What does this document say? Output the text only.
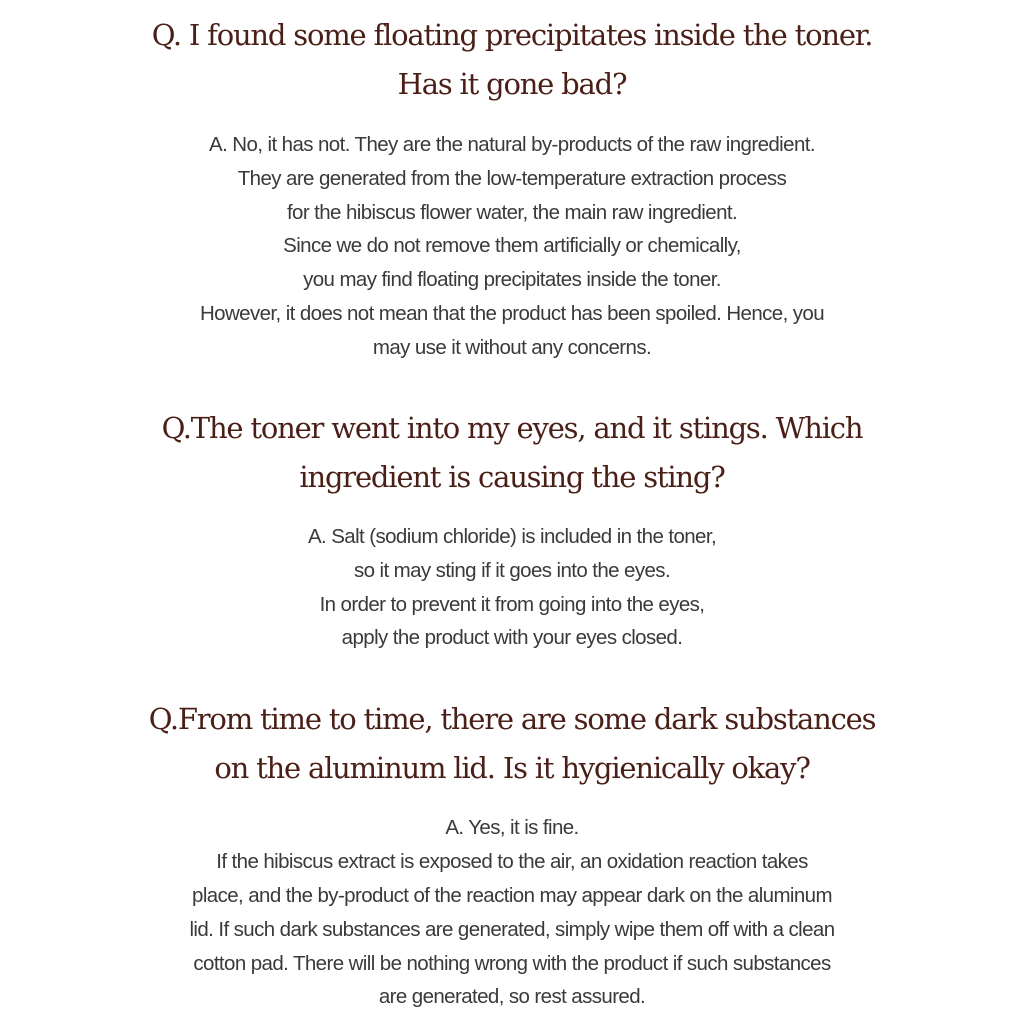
Q. I found some floating precipitates inside the toner.
Has it gone bad?
A. No, it has not. They are the natural by-products of the raw ingredient.
They are generated from the low-temperature extraction process
for the hibiscus flower water, the main raw ingredient.
Since we do not remove them artificially or chemically,
you may find floating precipitates inside the toner.
However, it does not mean that the product has been spoiled. Hence, you
may use it without any concerns.
Q.The toner went into my eyes, and it stings. Which
ingredient is causing the sting?
A. Salt (sodium chloride) is included in the toner,
so it may sting if it goes into the eyes.
In order to prevent it from going into the eyes,
apply the product with your eyes closed.
Q.From time to time, there are some dark substances
on the aluminum lid. Is it hygienically okay?
A. Yes, it is fine.
If the hibiscus extract is exposed to the air, an oxidation reaction takes
place, and the by-product of the reaction may appear dark on the aluminum
lid. If such dark substances are generated, simply wipe them off with a clean
cotton pad. There will be nothing wrong with the product if such substances
are generated, so rest assured.
